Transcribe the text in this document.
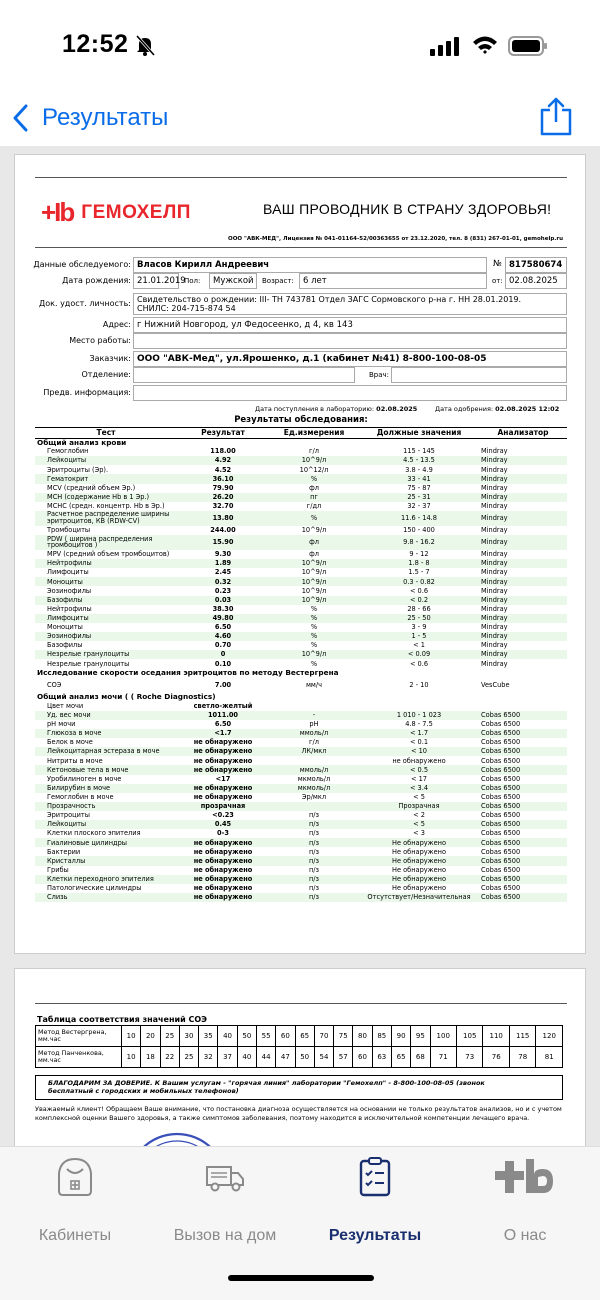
12:52
Результаты
+Ib ГЕМОХЕЛП	ВАШ ПРОВОДНИК В СТРАНУ ЗДОРОВЬЯ!
ООО "АВК-МЕД", Лицензия № 041-01164-52/00363655 от 23.12.2020, тел. 8 (831) 267-01-01, gemohelp.ru
Данные обследуемого: Власов Кирилл Андреевич	№ 817580674
Дата рождения: 21.01.2019
Пол:	Мужской	Возраст:	6 лет	от: 02.08.2025
Док. удост. личность: Свидетельство о рождении: III- ТН 743781 Отдел ЗАГС Сормовского р-на г. НН 28.01.2019.
СНИЛС: 204-715-874 54
Адрес: г Нижний Новгород, ул Федосеенко, д 4, кв 143
Место работы:
Заказчик: ООО "АВК-Мед", ул.Ярошенко, д.1 (кабинет №41) 8-800-100-08-05
Отделение:	Врач:
Предв. информация:
Дата поступления в лабораторию: 02.08.2025	Дата одобрения: 02.08.2025 12:02
Результаты обследования:
Тест	Результат	Ед.измерения	Должные значения	Анализатор
Общий анализ крови				
Гемоглобин	118.00	г/л	115 - 145	Mindray
Лейкоциты	4.92	10^9/л	4.5 - 13.5	Mindray
Эритроциты (Эр).	4.52	10^12/л	3.8 - 4.9	Mindray
Гематокрит	36.10	%	33 - 41	Mindray
MCV (средний объем Эр.)	79.90	фл	75 - 87	Mindray
MCH (содержание Hb в 1 Эр.)	26.20	пг	25 - 31	Mindray
MCHC (средн. концентр. Hb в Эр.)	32.70	г/дл	32 - 37	Mindray
Расчетное распределение ширины эритроцитов, КВ (RDW-CV)	13.80	%	11.6 - 14.8	Mindray
Тромбоциты	244.00	10^9/л	150 - 400	Mindray
PDW ( ширина распределения тромбоцитов )	15.90	фл	9.8 - 16.2	Mindray
MPV (средний объем тромбоцитов)	9.30	фл	9 - 12	Mindray
Нейтрофилы	1.89	10^9/л	1.8 - 8	Mindray
Лимфоциты	2.45	10^9/л	1.5 - 7	Mindray
Моноциты	0.32	10^9/л	0.3 - 0.82	Mindray
Эозинофилы	0.23	10^9/л	< 0.6	Mindray
Базофилы	0.03	10^9/л	< 0.2	Mindray
Нейтрофилы	38.30	%	28 - 66	Mindray
Лимфоциты	49.80	%	25 - 50	Mindray
Моноциты	6.50	%	3 - 9	Mindray
Эозинофилы	4.60	%	1 - 5	Mindray
Базофилы	0.70	%	< 1	Mindray
Незрелые гранулоциты	0	10^9/л	< 0.09	Mindray
Незрелые гранулоциты	0.10	%	< 0.6	Mindray
Исследование скорости оседания эритроцитов по методу Вестергрена				
СОЭ	7.00	мм/ч	2 - 10	VesCube
Общий анализ мочи ( ( Roche Diagnostics)				
Цвет мочи	светло-желтый			
Уд. вес мочи	1011.00	-	1 010 - 1 023	Cobas 6500
pH мочи	6.50	pH	4.8 - 7.5	Cobas 6500
Глюкоза в моче	<1.7	ммоль/л	< 1.7	Cobas 6500
Белок в моче	не обнаружено	г/л	< 0.1	Cobas 6500
Лейкоцитарная эстераза в моче	не обнаружено	ЛК/мкл	< 10	Cobas 6500
Нитриты в моче	не обнаружено		не обнаружено	Cobas 6500
Кетоновые тела в моче	не обнаружено	ммоль/л	< 0.5	Cobas 6500
Уробилиноген в моче	<17	мкмоль/л	< 17	Cobas 6500
Билирубин в моче	не обнаружено	мкмоль/л	< 3.4	Cobas 6500
Гемоглобин в моче	не обнаружено	Эр/мкл	< 5	Cobas 6500
Прозрачность	прозрачная		Прозрачная	Cobas 6500
Эритроциты	<0.23	п/з	< 2	Cobas 6500
Лейкоциты	0.45	п/з	< 5	Cobas 6500
Клетки плоского эпителия	0-3	п/з	< 3	Cobas 6500
Гиалиновые цилиндры	не обнаружено	п/з	Не обнаружено	Cobas 6500
Бактерии	не обнаружено	п/з	Не обнаружено	Cobas 6500
Кристаллы	не обнаружено	п/з	Не обнаружено	Cobas 6500
Грибы	не обнаружено	п/з	Не обнаружено	Cobas 6500
Клетки переходного эпителия	не обнаружено	п/з	Не обнаружено	Cobas 6500
Патологические цилиндры	не обнаружено	п/з	Не обнаружено	Cobas 6500
Слизь	не обнаружено	п/з	Отсутствует/Незначительная	Cobas 6500
Таблица соответствия значений СОЭ
Метод Вестергрена, мм.час	10	20	25	30	35	40	50	55	60	65	70	75	80	85	90	95	100	105	110	115	120
Метод Панченкова, мм.час	10	18	22	25	32	37	40	44	47	50	54	57	60	63	65	68	71	73	76	78	81
БЛАГОДАРИМ ЗА ДОВЕРИЕ. К Вашим услугам - "горячая линия" лаборатории "Гемохелп" - 8-800-100-08-05 (звонок
бесплатный с городских и мобильных телефонов)
Уважаемый клиент! Обращаем Ваше внимание, что постановка диагноза осуществляется на основании не только результатов анализов, но и с учетом комплексной оценки Вашего здоровья, а также симптомов заболевания, поэтому находится в исключительной компетенции лечащего врача.
Кабинеты	Вызов на дом	Результаты	О нас
